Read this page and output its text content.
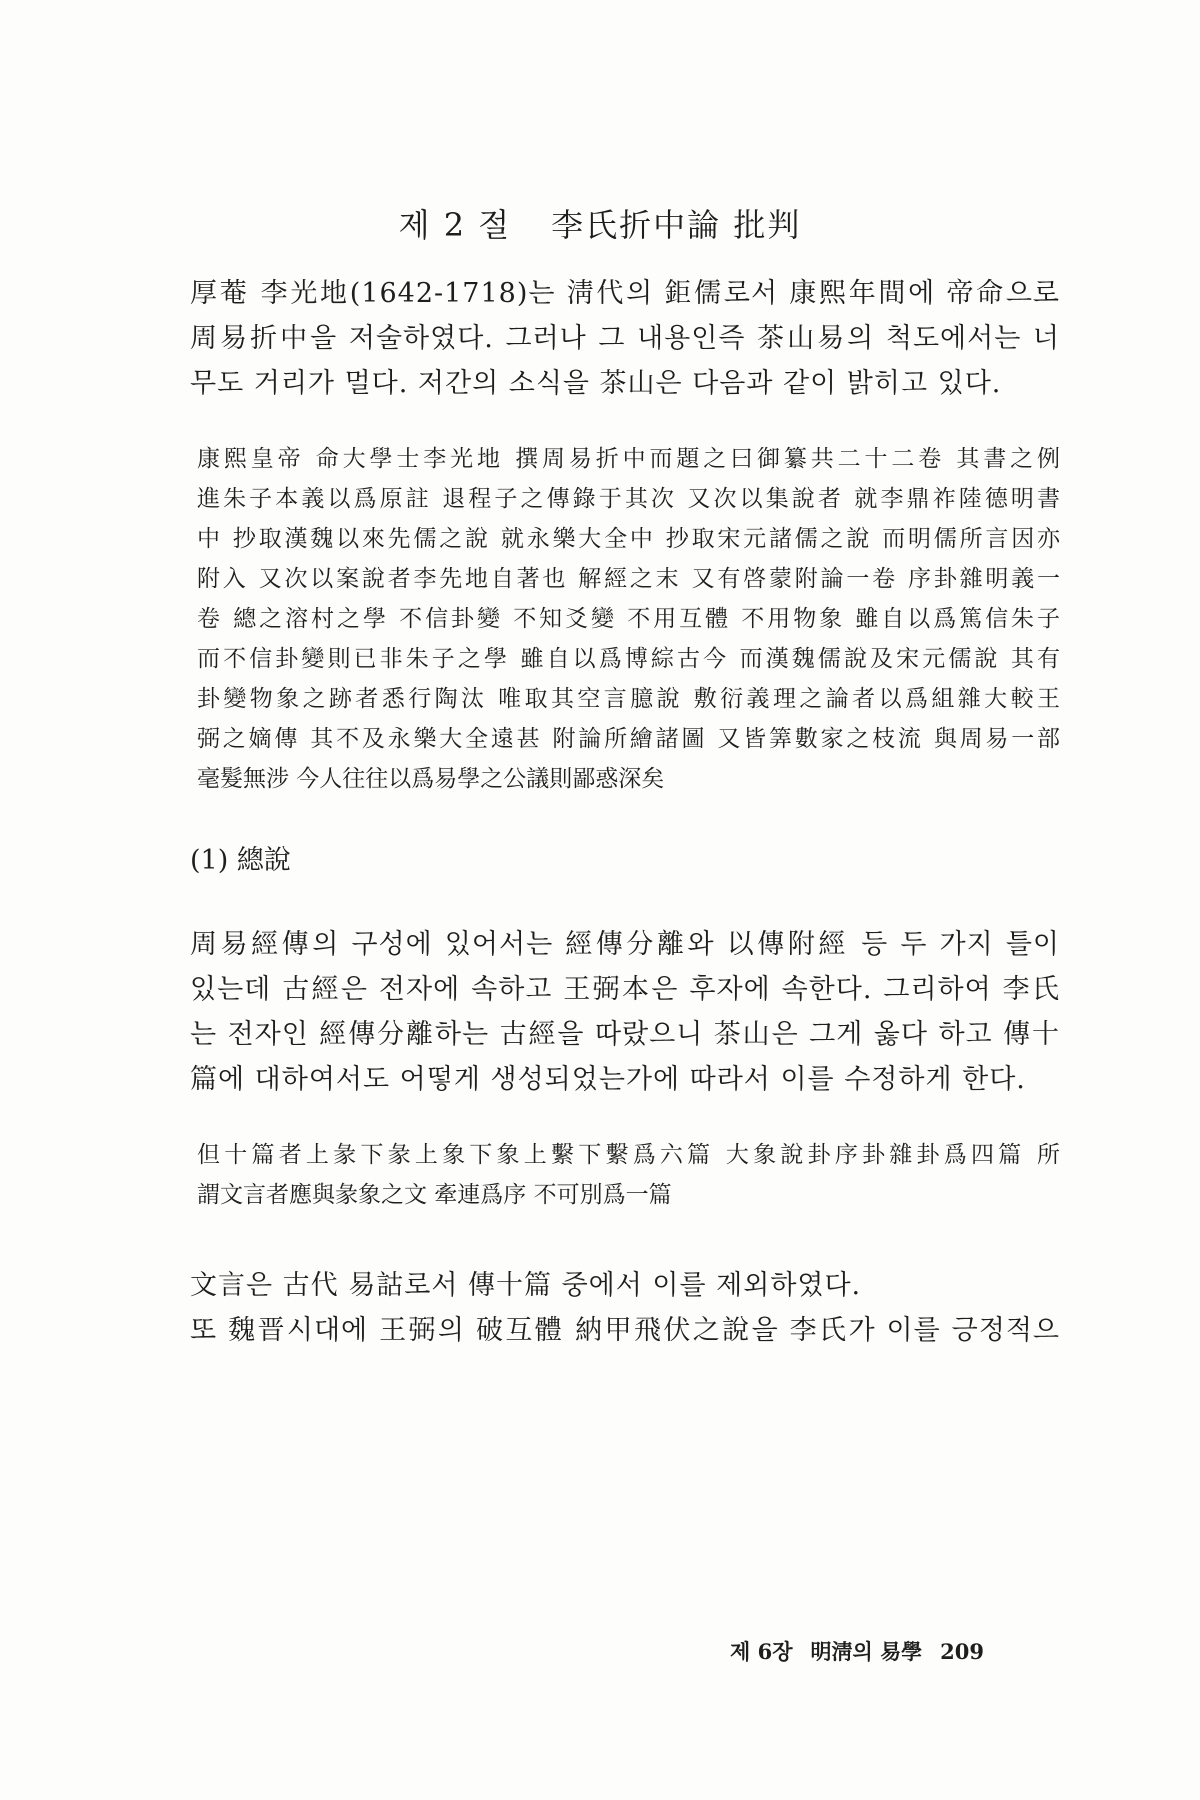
제 2 절 李氏折中論 批判
厚菴 李光地(1642-1718)는 淸代의 鉅儒로서 康熙年間에 帝命으로
周易折中을 저술하였다. 그러나 그 내용인즉 茶山易의 척도에서는 너
무도 거리가 멀다. 저간의 소식을 茶山은 다음과 같이 밝히고 있다.
康熙皇帝 命大學士李光地 撰周易折中而題之曰御纂共二十二卷 其書之例
進朱子本義以爲原註 退程子之傳錄于其次 又次以集說者 就李鼎祚陸德明書
中 抄取漢魏以來先儒之說 就永樂大全中 抄取宋元諸儒之說 而明儒所言因亦
附入 又次以案說者李先地自著也 解經之末 又有啓蒙附論一卷 序卦雜明義一
卷 總之溶村之學 不信卦變 不知爻變 不用互體 不用物象 雖自以爲篤信朱子
而不信卦變則已非朱子之學 雖自以爲博綜古今 而漢魏儒說及宋元儒說 其有
卦變物象之跡者悉行陶汰 唯取其空言臆說 敷衍義理之論者以爲組雜大較王
弼之嫡傳 其不及永樂大全遠甚 附論所繪諸圖 又皆筭數家之枝流 與周易一部
毫髮無涉 今人往往以爲易學之公議則鄙惑深矣
(1) 總說
周易經傳의 구성에 있어서는 經傳分離와 以傳附經 등 두 가지 틀이
있는데 古經은 전자에 속하고 王弼本은 후자에 속한다. 그리하여 李氏
는 전자인 經傳分離하는 古經을 따랐으니 茶山은 그게 옳다 하고 傳十
篇에 대하여서도 어떻게 생성되었는가에 따라서 이를 수정하게 한다.
但十篇者上彖下彖上象下象上繫下繫爲六篇 大象說卦序卦雜卦爲四篇 所
謂文言者應與彖象之文 牽連爲序 不可別爲一篇
文言은 古代 易詁로서 傳十篇 중에서 이를 제외하였다.
또 魏晋시대에 王弼의 破互體 納甲飛伏之說을 李氏가 이를 긍정적으
제 6장 明淸의 易學 209
